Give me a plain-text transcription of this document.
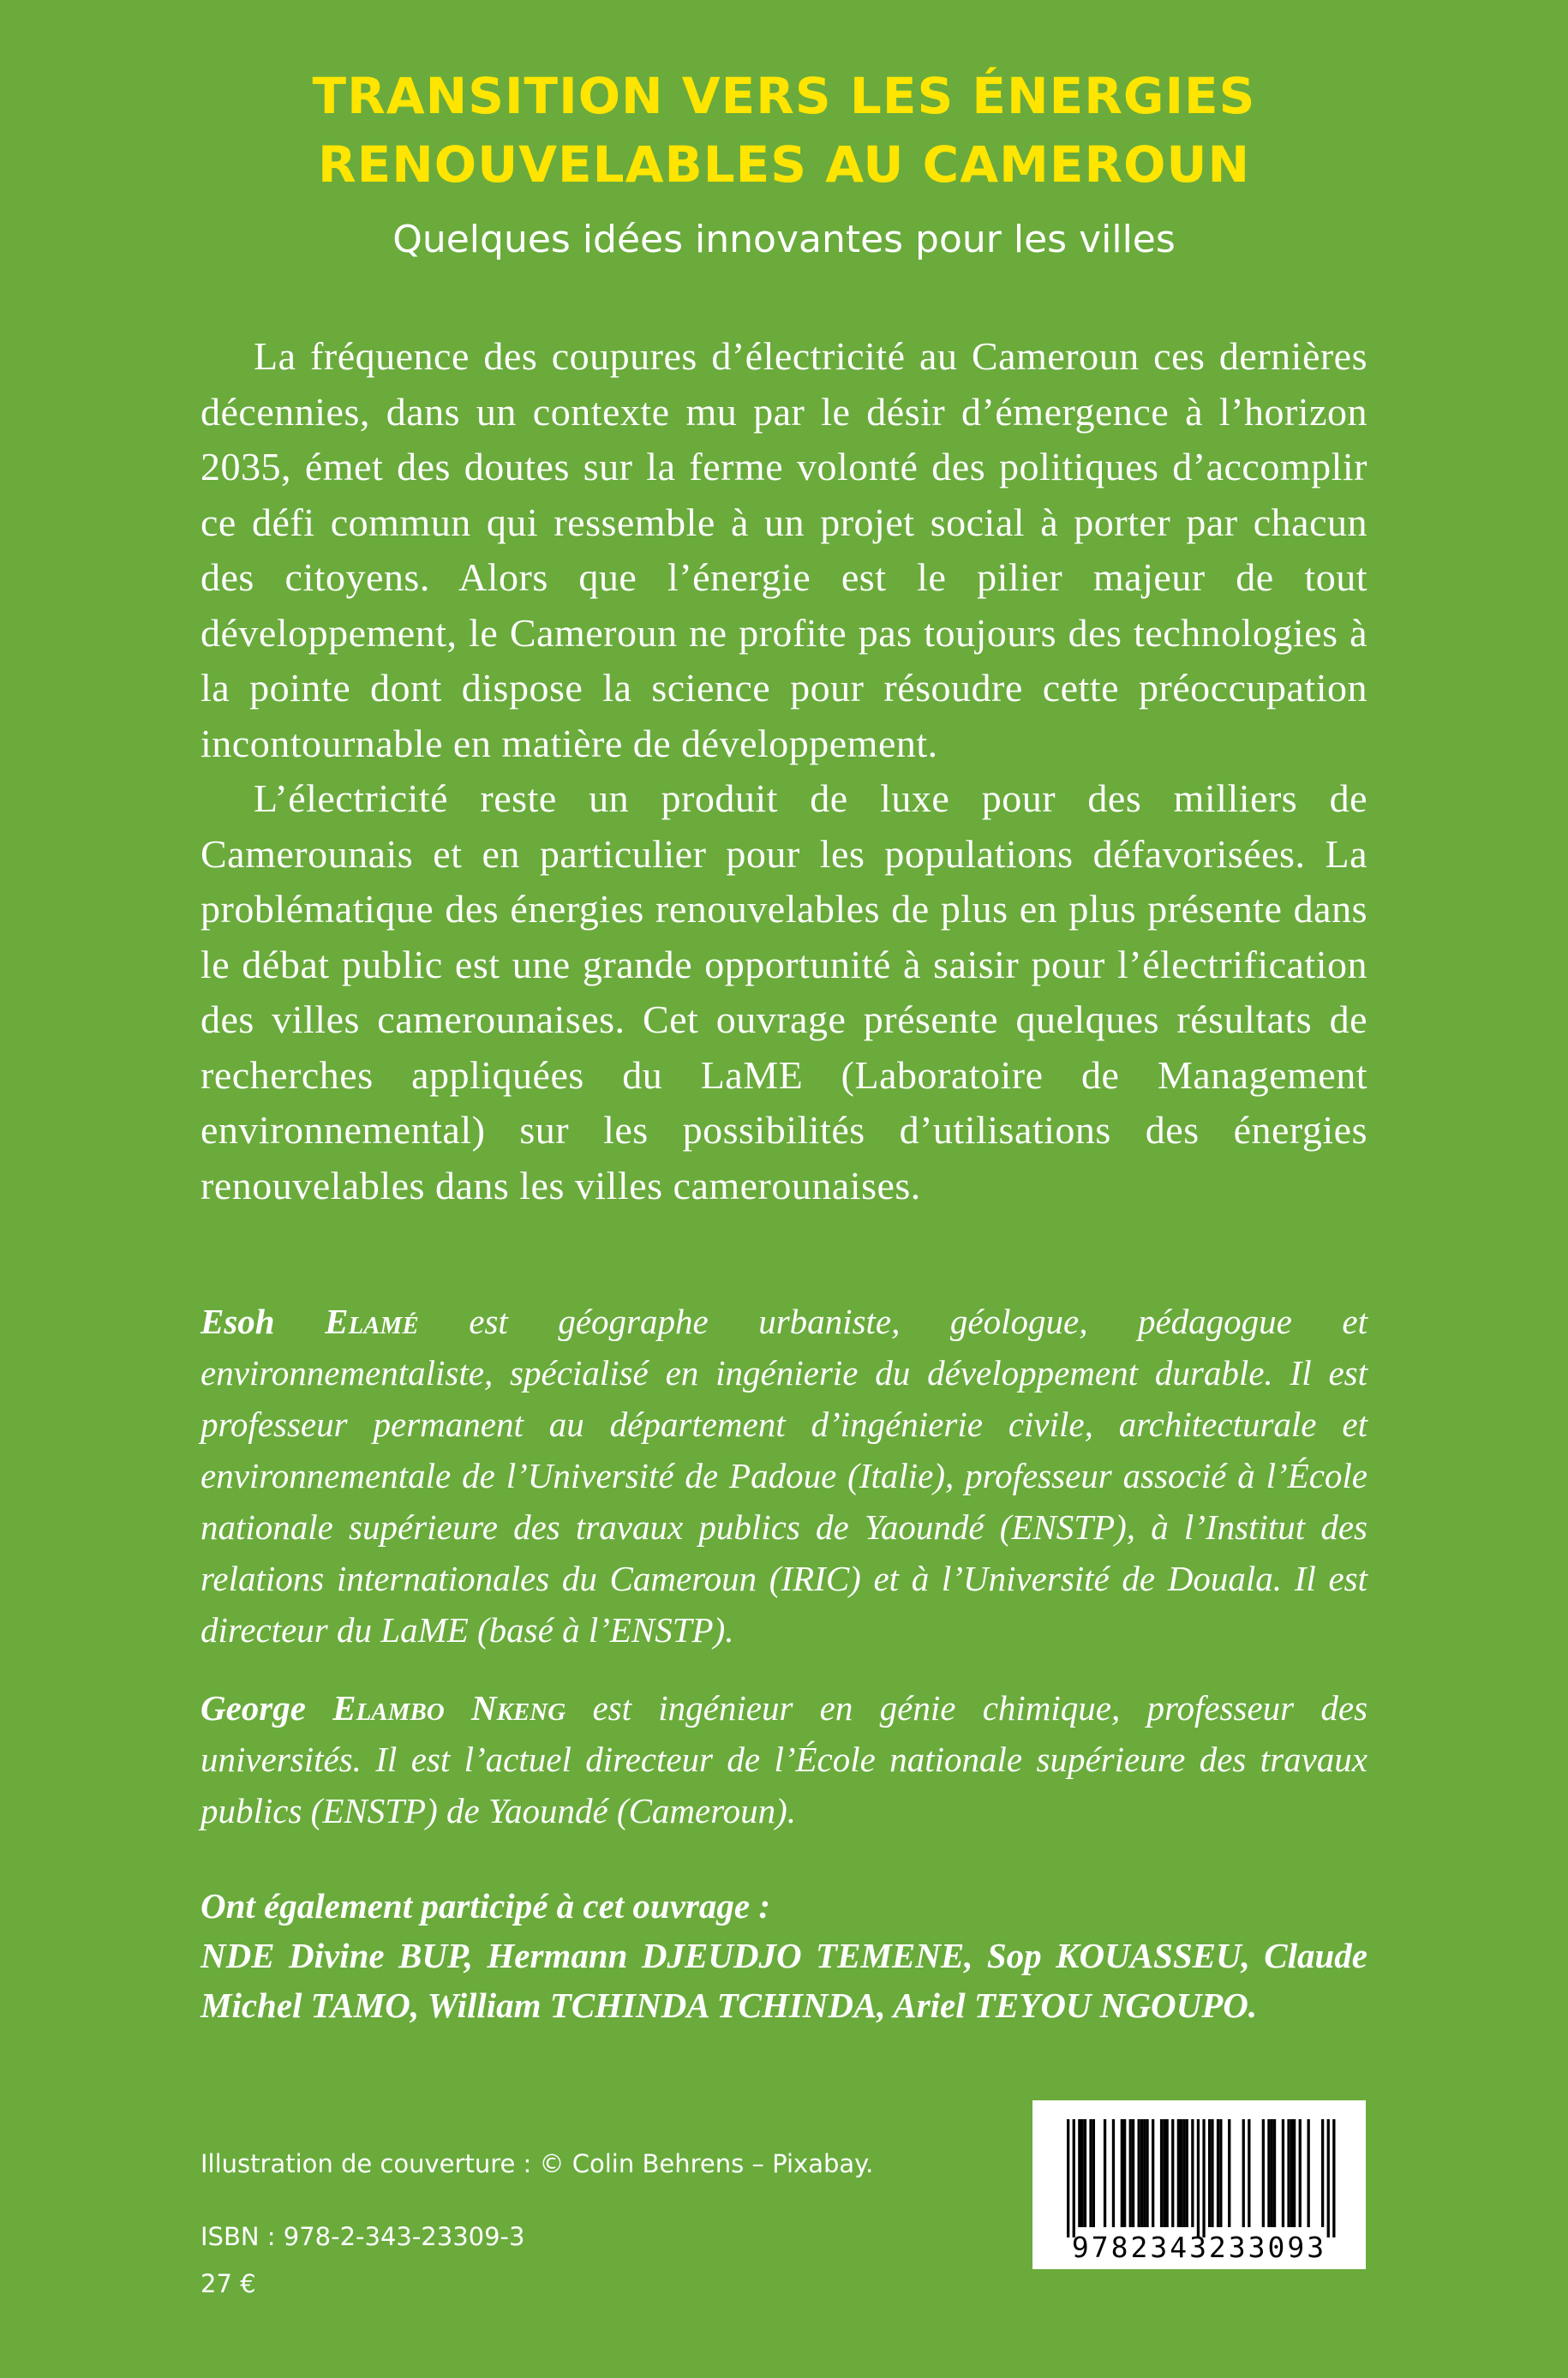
TRANSITION VERS LES ÉNERGIES
RENOUVELABLES AU CAMEROUN
Quelques idées innovantes pour les villes

La fréquence des coupures d’électricité au Cameroun ces dernières décennies, dans un contexte mu par le désir d’émergence à l’horizon 2035, émet des doutes sur la ferme volonté des politiques d’accomplir ce défi commun qui ressemble à un projet social à porter par chacun des citoyens. Alors que l’énergie est le pilier majeur de tout développement, le Cameroun ne profite pas toujours des technologies à la pointe dont dispose la science pour résoudre cette préoccupation incontournable en matière de développement.

L’électricité reste un produit de luxe pour des milliers de Camerounais et en particulier pour les populations défavorisées. La problématique des énergies renouvelables de plus en plus présente dans le débat public est une grande opportunité à saisir pour l’électrification des villes camerounaises. Cet ouvrage présente quelques résultats de recherches appliquées du LaME (Laboratoire de Management environnemental) sur les possibilités d’utilisations des énergies renouvelables dans les villes camerounaises.

Esoh Elamé est géographe urbaniste, géologue, pédagogue et environnementaliste, spécialisé en ingénierie du développement durable. Il est professeur permanent au département d’ingénierie civile, architecturale et environnementale de l’Université de Padoue (Italie), professeur associé à l’École nationale supérieure des travaux publics de Yaoundé (ENSTP), à l’Institut des relations internationales du Cameroun (IRIC) et à l’Université de Douala. Il est directeur du LaME (basé à l’ENSTP).

George Elambo Nkeng est ingénieur en génie chimique, professeur des universités. Il est l’actuel directeur de l’École nationale supérieure des travaux publics (ENSTP) de Yaoundé (Cameroun).

Ont également participé à cet ouvrage :
NDE Divine BUP, Hermann DJEUDJO TEMENE, Sop KOUASSEU, Claude Michel TAMO, William TCHINDA TCHINDA, Ariel TEYOU NGOUPO.
Illustration de couverture : © Colin Behrens – Pixabay.
ISBN : 978-2-343-23309-3
27 €
9782343233093
